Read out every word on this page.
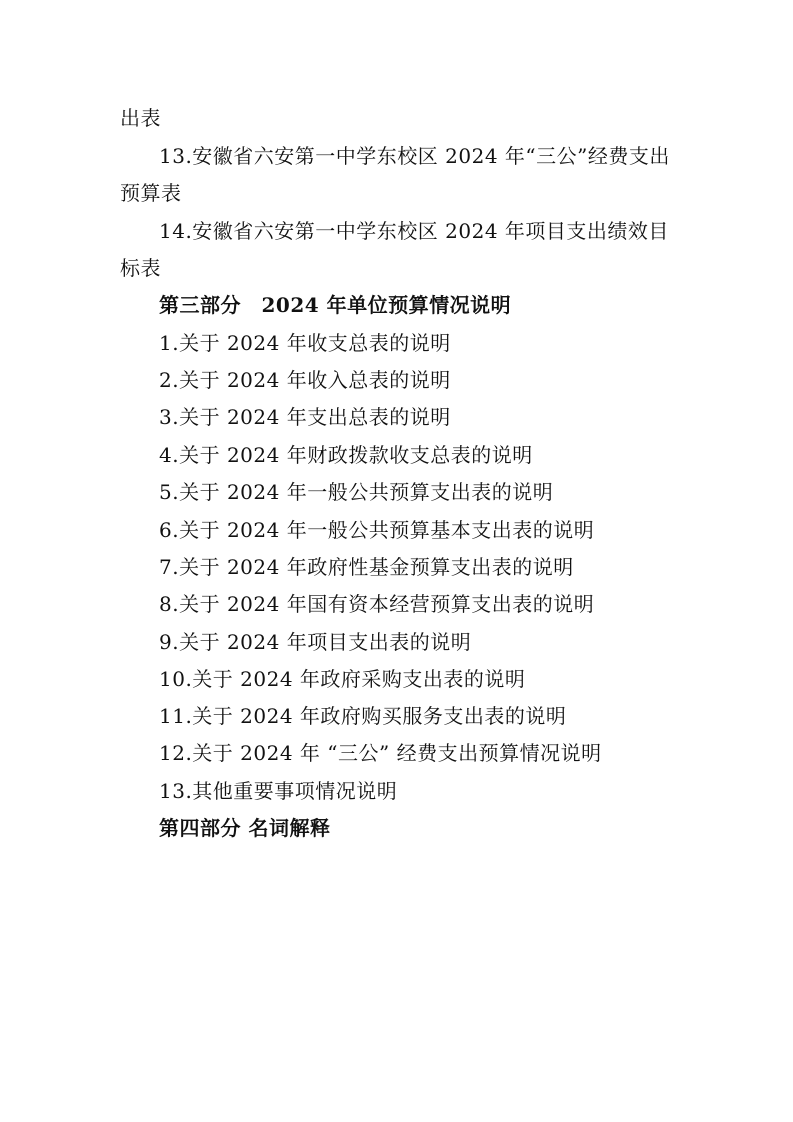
出表
13.安徽省六安第一中学东校区 2024 年“三公”经费支出
预算表
14.安徽省六安第一中学东校区 2024 年项目支出绩效目
标表
第三部分　2024 年单位预算情况说明
1.关于 2024 年收支总表的说明
2.关于 2024 年收入总表的说明
3.关于 2024 年支出总表的说明
4.关于 2024 年财政拨款收支总表的说明
5.关于 2024 年一般公共预算支出表的说明
6.关于 2024 年一般公共预算基本支出表的说明
7.关于 2024 年政府性基金预算支出表的说明
8.关于 2024 年国有资本经营预算支出表的说明
9.关于 2024 年项目支出表的说明
10.关于 2024 年政府采购支出表的说明
11.关于 2024 年政府购买服务支出表的说明
12.关于 2024 年 “三公” 经费支出预算情况说明
13.其他重要事项情况说明
第四部分 名词解释
